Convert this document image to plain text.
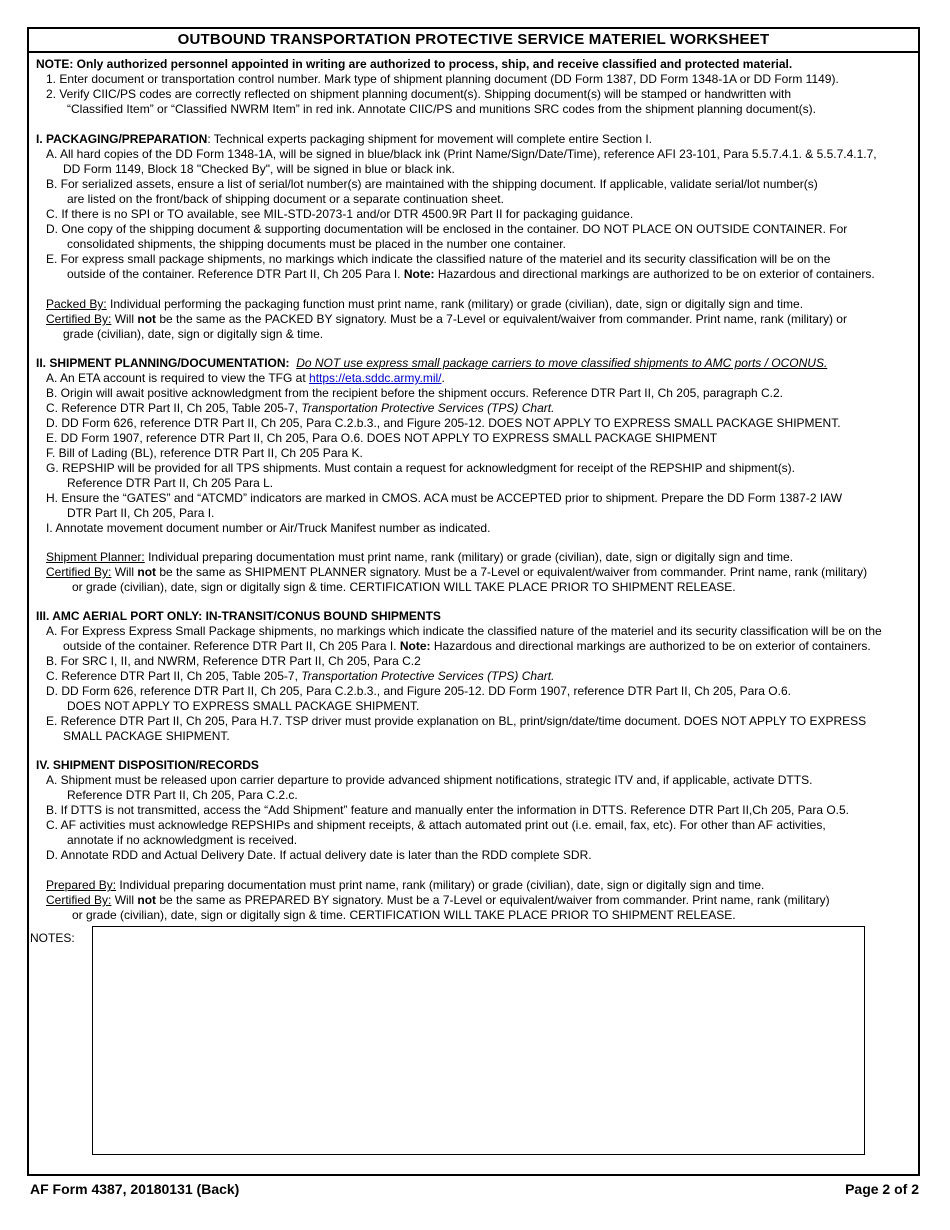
OUTBOUND TRANSPORTATION PROTECTIVE SERVICE MATERIEL WORKSHEET
NOTE: Only authorized personnel appointed in writing are authorized to process, ship, and receive classified and protected material.
1. Enter document or transportation control number. Mark type of shipment planning document (DD Form 1387, DD Form 1348-1A or DD Form 1149).
2. Verify CIIC/PS codes are correctly reflected on shipment planning document(s). Shipping document(s) will be stamped or handwritten with
“Classified Item” or “Classified NWRM Item” in red ink. Annotate CIIC/PS and munitions SRC codes from the shipment planning document(s).
I. PACKAGING/PREPARATION: Technical experts packaging shipment for movement will complete entire Section I.
A. All hard copies of the DD Form 1348-1A, will be signed in blue/black ink (Print Name/Sign/Date/Time), reference AFI 23-101, Para 5.5.7.4.1. & 5.5.7.4.1.7,
DD Form 1149, Block 18 "Checked By", will be signed in blue or black ink.
B. For serialized assets, ensure a list of serial/lot number(s) are maintained with the shipping document. If applicable, validate serial/lot number(s)
are listed on the front/back of shipping document or a separate continuation sheet.
C. If there is no SPI or TO available, see MIL-STD-2073-1 and/or DTR 4500.9R Part II for packaging guidance.
D. One copy of the shipping document & supporting documentation will be enclosed in the container. DO NOT PLACE ON OUTSIDE CONTAINER. For
consolidated shipments, the shipping documents must be placed in the number one container.
E. For express small package shipments, no markings which indicate the classified nature of the materiel and its security classification will be on the
outside of the container. Reference DTR Part II, Ch 205 Para I. Note: Hazardous and directional markings are authorized to be on exterior of containers.
Packed By: Individual performing the packaging function must print name, rank (military) or grade (civilian), date, sign or digitally sign and time.
Certified By: Will not be the same as the PACKED BY signatory. Must be a 7-Level or equivalent/waiver from commander. Print name, rank (military) or
grade (civilian), date, sign or digitally sign & time.
II. SHIPMENT PLANNING/DOCUMENTATION: Do NOT use express small package carriers to move classified shipments to AMC ports / OCONUS.
A. An ETA account is required to view the TFG at https://eta.sddc.army.mil/.
B. Origin will await positive acknowledgment from the recipient before the shipment occurs. Reference DTR Part II, Ch 205, paragraph C.2.
C. Reference DTR Part II, Ch 205, Table 205-7, Transportation Protective Services (TPS) Chart.
D. DD Form 626, reference DTR Part II, Ch 205, Para C.2.b.3., and Figure 205-12. DOES NOT APPLY TO EXPRESS SMALL PACKAGE SHIPMENT.
E. DD Form 1907, reference DTR Part II, Ch 205, Para O.6. DOES NOT APPLY TO EXPRESS SMALL PACKAGE SHIPMENT
F. Bill of Lading (BL), reference DTR Part II, Ch 205 Para K.
G. REPSHIP will be provided for all TPS shipments. Must contain a request for acknowledgment for receipt of the REPSHIP and shipment(s).
Reference DTR Part II, Ch 205 Para L.
H. Ensure the “GATES” and “ATCMD” indicators are marked in CMOS. ACA must be ACCEPTED prior to shipment. Prepare the DD Form 1387-2 IAW
DTR Part II, Ch 205, Para I.
I. Annotate movement document number or Air/Truck Manifest number as indicated.
Shipment Planner: Individual preparing documentation must print name, rank (military) or grade (civilian), date, sign or digitally sign and time.
Certified By: Will not be the same as SHIPMENT PLANNER signatory. Must be a 7-Level or equivalent/waiver from commander. Print name, rank (military)
or grade (civilian), date, sign or digitally sign & time. CERTIFICATION WILL TAKE PLACE PRIOR TO SHIPMENT RELEASE.
III. AMC AERIAL PORT ONLY: IN-TRANSIT/CONUS BOUND SHIPMENTS
A. For Express Express Small Package shipments, no markings which indicate the classified nature of the materiel and its security classification will be on the
outside of the container. Reference DTR Part II, Ch 205 Para I. Note: Hazardous and directional markings are authorized to be on exterior of containers.
B. For SRC I, II, and NWRM, Reference DTR Part II, Ch 205, Para C.2
C. Reference DTR Part II, Ch 205, Table 205-7, Transportation Protective Services (TPS) Chart.
D. DD Form 626, reference DTR Part II, Ch 205, Para C.2.b.3., and Figure 205-12. DD Form 1907, reference DTR Part II, Ch 205, Para O.6.
DOES NOT APPLY TO EXPRESS SMALL PACKAGE SHIPMENT.
E. Reference DTR Part II, Ch 205, Para H.7. TSP driver must provide explanation on BL, print/sign/date/time document. DOES NOT APPLY TO EXPRESS
SMALL PACKAGE SHIPMENT.
IV. SHIPMENT DISPOSITION/RECORDS
A. Shipment must be released upon carrier departure to provide advanced shipment notifications, strategic ITV and, if applicable, activate DTTS.
Reference DTR Part II, Ch 205, Para C.2.c.
B. If DTTS is not transmitted, access the “Add Shipment” feature and manually enter the information in DTTS. Reference DTR Part II,Ch 205, Para O.5.
C. AF activities must acknowledge REPSHIPs and shipment receipts, & attach automated print out (i.e. email, fax, etc). For other than AF activities,
annotate if no acknowledgment is received.
D. Annotate RDD and Actual Delivery Date. If actual delivery date is later than the RDD complete SDR.
Prepared By: Individual preparing documentation must print name, rank (military) or grade (civilian), date, sign or digitally sign and time.
Certified By: Will not be the same as PREPARED BY signatory. Must be a 7-Level or equivalent/waiver from commander. Print name, rank (military)
or grade (civilian), date, sign or digitally sign & time. CERTIFICATION WILL TAKE PLACE PRIOR TO SHIPMENT RELEASE.
NOTES:
AF Form 4387, 20180131 (Back)	Page 2 of 2
